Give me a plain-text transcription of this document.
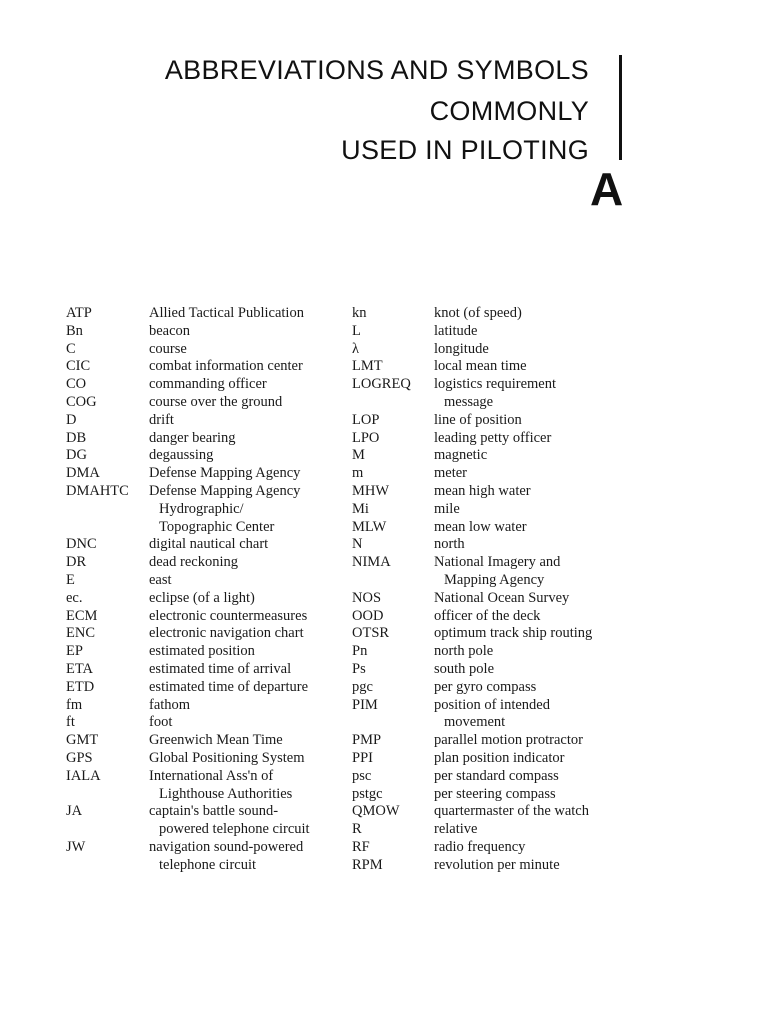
ABBREVIATIONS AND SYMBOLS
COMMONLY
USED IN PILOTING
A
ATP	Allied Tactical Publication
Bn	beacon
C	course
CIC	combat information center
CO	commanding officer
COG	course over the ground
D	drift
DB	danger bearing
DG	degaussing
DMA	Defense Mapping Agency
DMAHTC Defense Mapping Agency
Hydrographic/
Topographic Center
DNC	digital nautical chart
DR	dead reckoning
E	east
ec.	eclipse (of a light)
ECM	electronic countermeasures
ENC	electronic navigation chart
EP	estimated position
ETA	estimated time of arrival
ETD	estimated time of departure
fm	fathom
ft	foot
GMT	Greenwich Mean Time
GPS	Global Positioning System
IALA	International Ass'n of
Lighthouse Authorities
JA	captain's battle sound-
powered telephone circuit
JW	navigation sound-powered
telephone circuit
kn	knot (of speed)
L	latitude
λ	longitude
LMT	local mean time
LOGREQ logistics requirement
message
LOP	line of position
LPO	leading petty officer
M	magnetic
m	meter
MHW	mean high water
Mi	mile
MLW	mean low water
N	north
NIMA	National Imagery and
Mapping Agency
NOS	National Ocean Survey
OOD	officer of the deck
OTSR	optimum track ship routing
Pn	north pole
Ps	south pole
pgc	per gyro compass
PIM	position of intended
movement
PMP	parallel motion protractor
PPI	plan position indicator
psc	per standard compass
pstgc	per steering compass
QMOW quartermaster of the watch
R	relative
RF	radio frequency
RPM	revolution per minute
